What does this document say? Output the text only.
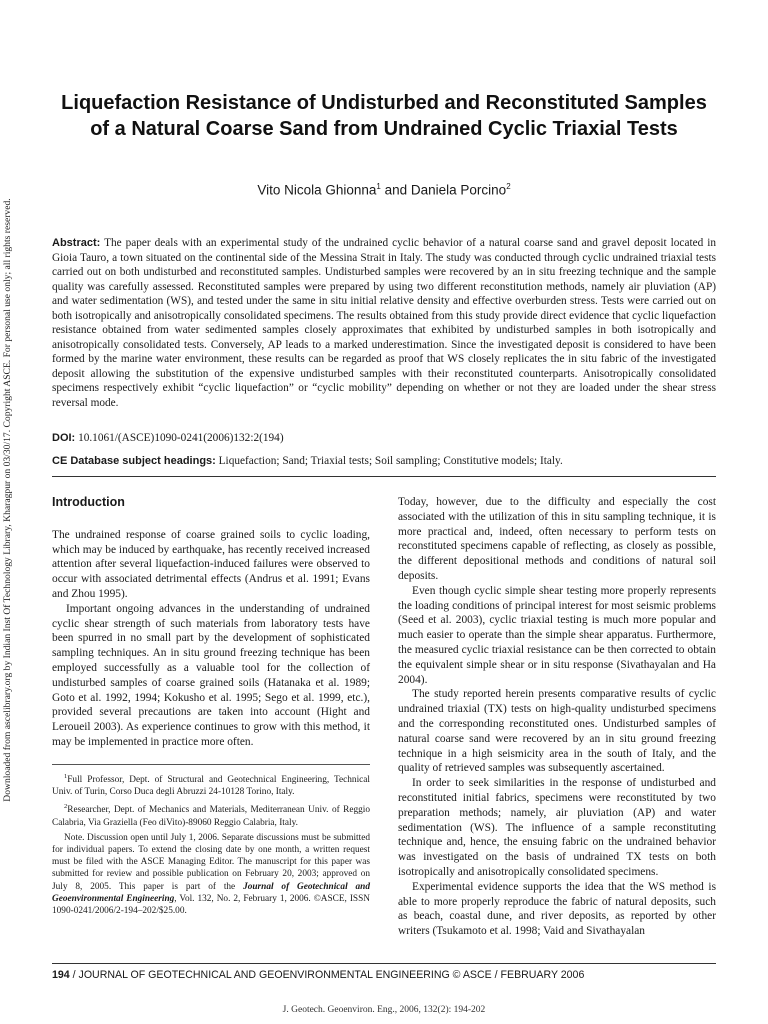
Downloaded from ascelibrary.org by Indian Inst Of Technology Library, Kharagpur on 03/30/17. Copyright ASCE. For personal use only; all rights reserved.
Liquefaction Resistance of Undisturbed and Reconstituted Samples of a Natural Coarse Sand from Undrained Cyclic Triaxial Tests
Vito Nicola Ghionna$^1$ and Daniela Porcino$^2$
Abstract: The paper deals with an experimental study of the undrained cyclic behavior of a natural coarse sand and gravel deposit located in Gioia Tauro, a town situated on the continental side of the Messina Strait in Italy. The study was conducted through cyclic undrained triaxial tests carried out on both undisturbed and reconstituted samples. Undisturbed samples were recovered by an in situ freezing technique and the sample quality was carefully assessed. Reconstituted samples were prepared by using two different reconstitution methods, namely air pluviation (AP) and water sedimentation (WS), and tested under the same in situ initial relative density and effective overburden stress. Tests were carried out on both isotropically and anisotropically consolidated specimens. The results obtained from this study provide direct evidence that cyclic liquefaction resistance obtained from water sedimented samples closely approximates that exhibited by undisturbed samples in both isotropically and anisotropically consolidated tests. Conversely, AP leads to a marked underestimation. Since the investigated deposit is considered to have been formed by the marine water environment, these results can be regarded as proof that WS closely replicates the in situ fabric of the investigated deposit allowing the substitution of the expensive undisturbed samples with their reconstituted counterparts. Anisotropically consolidated specimens respectively exhibit “cyclic liquefaction” or “cyclic mobility” depending on whether or not they are loaded under the shear stress reversal mode.
DOI: 10.1061/(ASCE)1090-0241(2006)132:2(194)
CE Database subject headings: Liquefaction; Sand; Triaxial tests; Soil sampling; Constitutive models; Italy.
Introduction

The undrained response of coarse grained soils to cyclic loading, which may be induced by earthquake, has recently received increased attention after several liquefaction-induced failures were observed to occur with associated detrimental effects (Andrus et al. 1991; Evans and Zhou 1995).

Important ongoing advances in the understanding of undrained cyclic shear strength of such materials from laboratory tests have been spurred in no small part by the development of sophisticated sampling techniques. An in situ ground freezing technique has been employed successfully as a valuable tool for the collection of undisturbed samples of coarse grained soils (Hatanaka et al. 1989; Goto et al. 1992, 1994; Kokusho et al. 1995; Sego et al. 1999, etc.), provided several precautions are taken into account (Hight and Leroueil 2003). As experience continues to grow with this method, it may be implemented in practice more often.

$^1$Full Professor, Dept. of Structural and Geotechnical Engineering, Technical Univ. of Turin, Corso Duca degli Abruzzi 24-10128 Torino, Italy.

$^2$Researcher, Dept. of Mechanics and Materials, Mediterranean Univ. of Reggio Calabria, Via Graziella (Feo diVito)-89060 Reggio Calabria, Italy.

Note. Discussion open until July 1, 2006. Separate discussions must be submitted for individual papers. To extend the closing date by one month, a written request must be filed with the ASCE Managing Editor. The manuscript for this paper was submitted for review and possible publication on February 20, 2003; approved on July 8, 2005. This paper is part of the Journal of Geotechnical and Geoenvironmental Engineering, Vol. 132, No. 2, February 1, 2006. ©ASCE, ISSN 1090-0241/2006/2-194–202/$25.00.

Today, however, due to the difficulty and especially the cost associated with the utilization of this in situ sampling technique, it is more practical and, indeed, often necessary to perform tests on reconstituted specimens capable of reflecting, as closely as possible, the different depositional methods and conditions of natural soil deposits.

Even though cyclic simple shear testing more properly represents the loading conditions of principal interest for most seismic problems (Seed et al. 2003), cyclic triaxial testing is much more popular and much easier to operate than the simple shear apparatus. Furthermore, the measured cyclic triaxial resistance can be then corrected to obtain the equivalent simple shear or in situ response (Sivathayalan and Ha 2004).

The study reported herein presents comparative results of cyclic undrained triaxial (TX) tests on high-quality undisturbed specimens and the corresponding reconstituted ones. Undisturbed samples of natural coarse sand were recovered by an in situ ground freezing technique in a high seismicity area in the south of Italy, and the quality of retrieved samples was subsequently ascertained.

In order to seek similarities in the response of undisturbed and reconstituted initial fabrics, specimens were reconstituted by two preparation methods; namely, air pluviation (AP) and water sedimentation (WS). The influence of a sample reconstituting technique and, hence, the ensuing fabric on the undrained behavior was investigated on the basis of undrained TX tests on both isotropically and anisotropically consolidated specimens.

Experimental evidence supports the idea that the WS method is able to more properly reproduce the fabric of natural deposits, such as beach, coastal dune, and river deposits, as reported by other writers (Tsukamoto et al. 1998; Vaid and Sivathayalan

194 / JOURNAL OF GEOTECHNICAL AND GEOENVIRONMENTAL ENGINEERING © ASCE / FEBRUARY 2006
J. Geotech. Geoenviron. Eng., 2006, 132(2): 194-202
